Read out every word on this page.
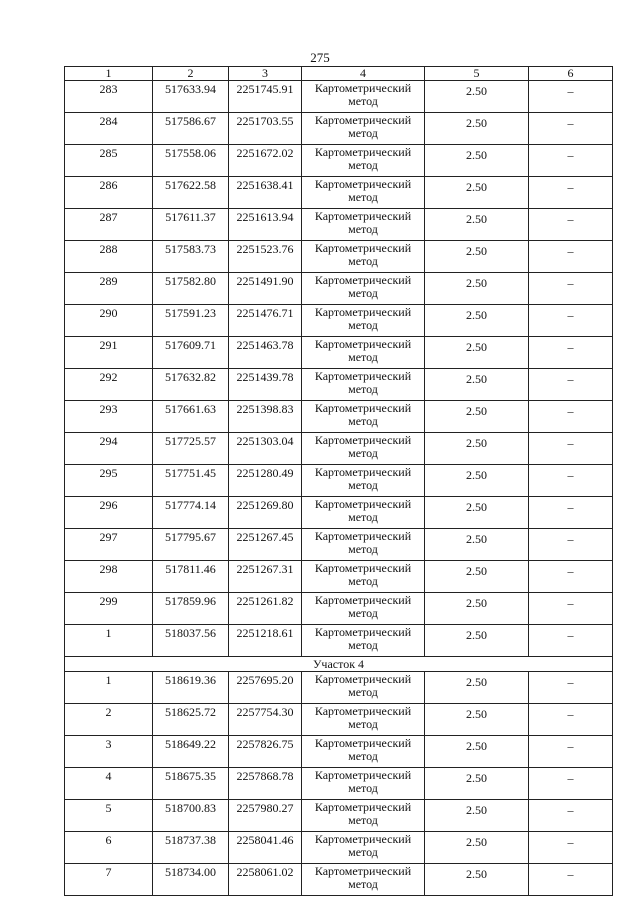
275
1	2	3	4	5	6
283	517633.94	2251745.91	Картометрический метод	2.50	–
284	517586.67	2251703.55	Картометрический метод	2.50	–
285	517558.06	2251672.02	Картометрический метод	2.50	–
286	517622.58	2251638.41	Картометрический метод	2.50	–
287	517611.37	2251613.94	Картометрический метод	2.50	–
288	517583.73	2251523.76	Картометрический метод	2.50	–
289	517582.80	2251491.90	Картометрический метод	2.50	–
290	517591.23	2251476.71	Картометрический метод	2.50	–
291	517609.71	2251463.78	Картометрический метод	2.50	–
292	517632.82	2251439.78	Картометрический метод	2.50	–
293	517661.63	2251398.83	Картометрический метод	2.50	–
294	517725.57	2251303.04	Картометрический метод	2.50	–
295	517751.45	2251280.49	Картометрический метод	2.50	–
296	517774.14	2251269.80	Картометрический метод	2.50	–
297	517795.67	2251267.45	Картометрический метод	2.50	–
298	517811.46	2251267.31	Картометрический метод	2.50	–
299	517859.96	2251261.82	Картометрический метод	2.50	–
1	518037.56	2251218.61	Картометрический метод	2.50	–
Участок 4					
1	518619.36	2257695.20	Картометрический метод	2.50	–
2	518625.72	2257754.30	Картометрический метод	2.50	–
3	518649.22	2257826.75	Картометрический метод	2.50	–
4	518675.35	2257868.78	Картометрический метод	2.50	–
5	518700.83	2257980.27	Картометрический метод	2.50	–
6	518737.38	2258041.46	Картометрический метод	2.50	–
7	518734.00	2258061.02	Картометрический метод	2.50	–
